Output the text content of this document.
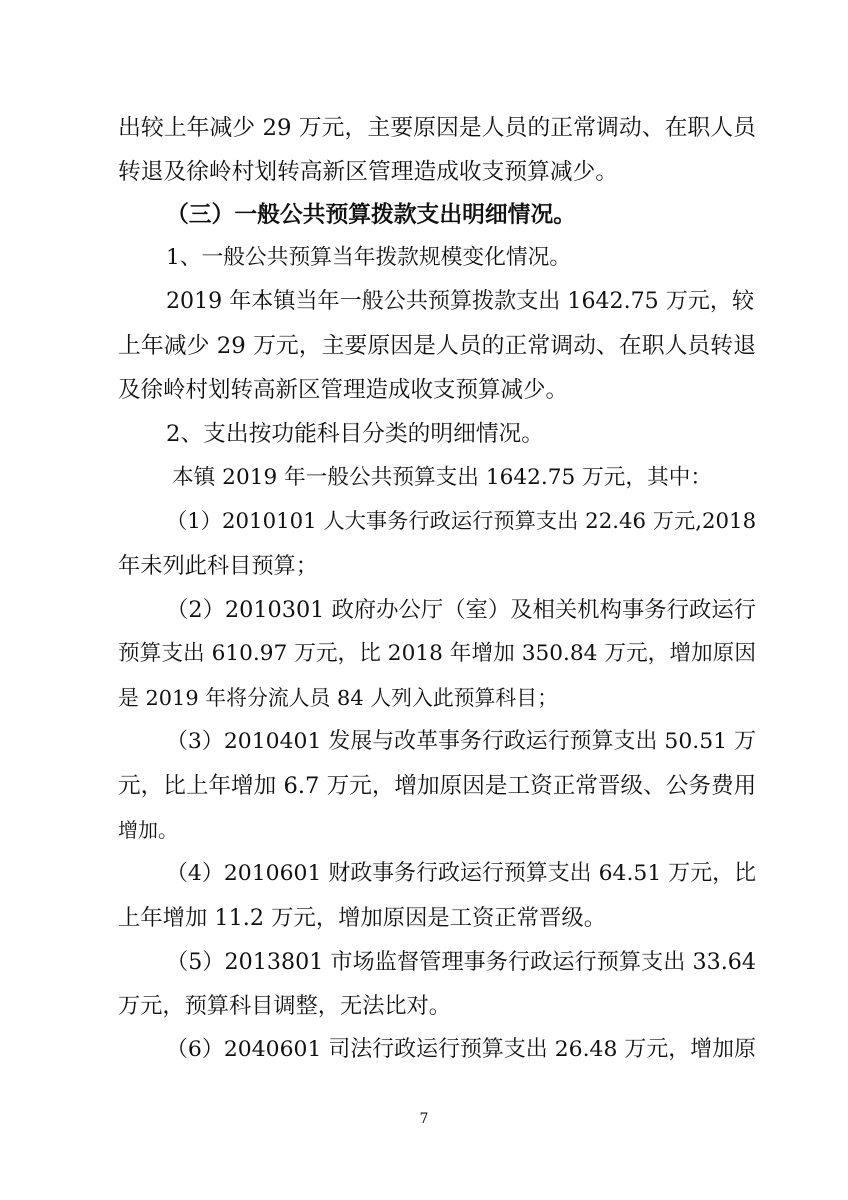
出较上年减少 29 万元，主要原因是人员的正常调动、在职人员
转退及徐岭村划转高新区管理造成收支预算减少。
（三）一般公共预算拨款支出明细情况。
1、一般公共预算当年拨款规模变化情况。
2019 年本镇当年一般公共预算拨款支出 1642.75 万元，较
上年减少 29 万元，主要原因是人员的正常调动、在职人员转退
及徐岭村划转高新区管理造成收支预算减少。
2、支出按功能科目分类的明细情况。
本镇 2019 年一般公共预算支出 1642.75 万元，其中：
（1）2010101 人大事务行政运行预算支出 22.46 万元,2018
年未列此科目预算；
（2）2010301 政府办公厅（室）及相关机构事务行政运行
预算支出 610.97 万元，比 2018 年增加 350.84 万元，增加原因
是 2019 年将分流人员 84 人列入此预算科目；
（3）2010401 发展与改革事务行政运行预算支出 50.51 万
元，比上年增加 6.7 万元，增加原因是工资正常晋级、公务费用
增加。
（4）2010601 财政事务行政运行预算支出 64.51 万元，比
上年增加 11.2 万元，增加原因是工资正常晋级。
（5）2013801 市场监督管理事务行政运行预算支出 33.64
万元，预算科目调整，无法比对。
（6）2040601 司法行政运行预算支出 26.48 万元，增加原
7
